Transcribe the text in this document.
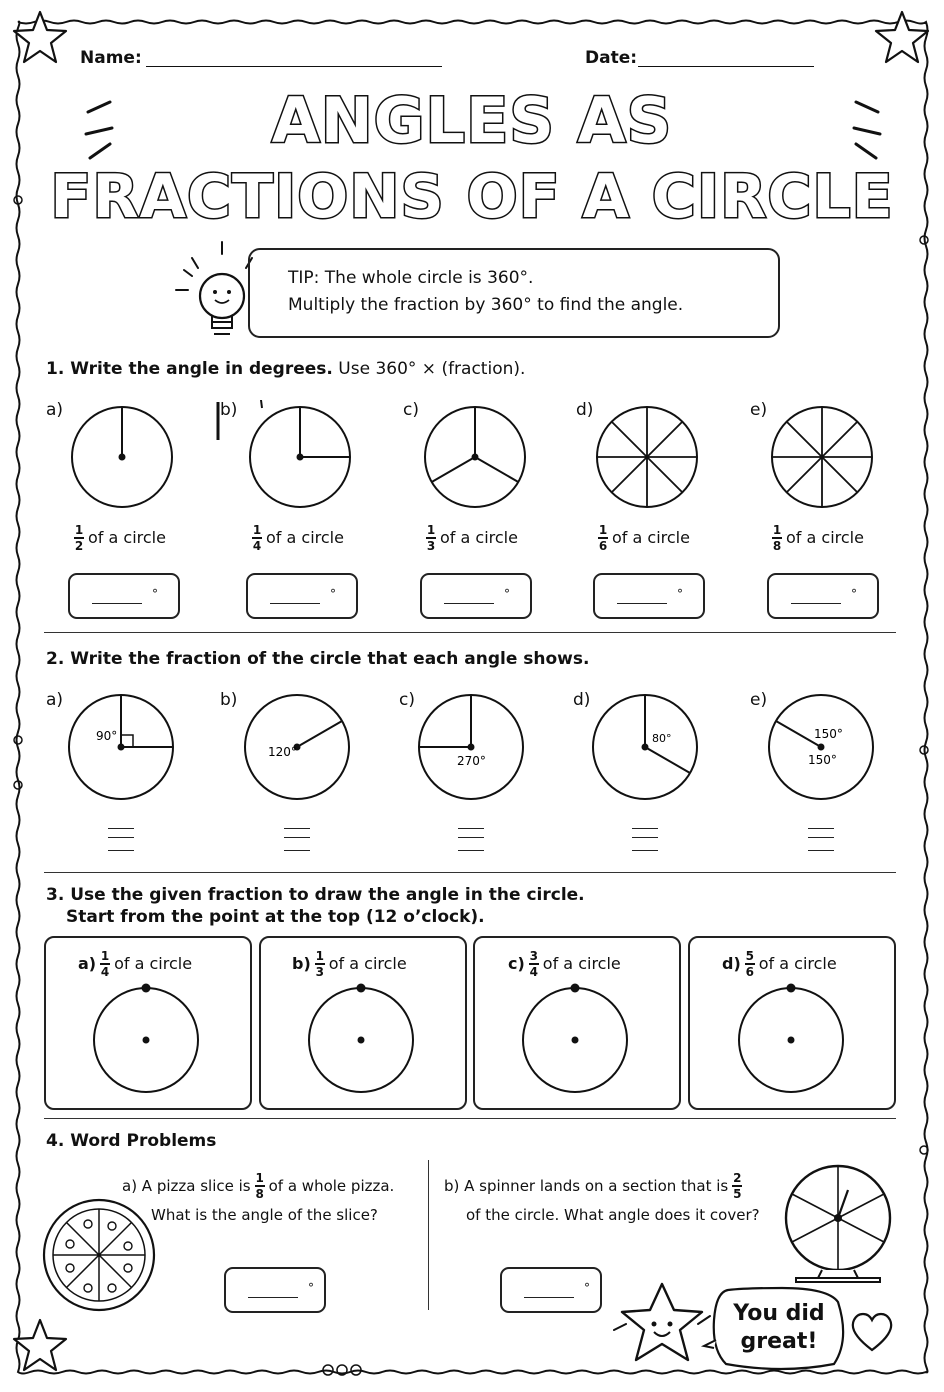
Name:	Date:
ANGLES AS
FRACTIONS OF A CIRCLE
TIP: The whole circle is 360°.
Multiply the fraction by 360° to find the angle.
1. Write the angle in degrees. Use 360° × (fraction).
a)	b)	c)	d)	e)
$\frac{1}{2}$ of a circle	$\frac{1}{4}$ of a circle	$\frac{1}{3}$ of a circle	$\frac{1}{6}$ of a circle	$\frac{1}{8}$ of a circle
°	°	°	°	°
2. Write the fraction of the circle that each angle shows.
a)	b)	c)	d)	e)
90°
120°
270°
80°	150°
150°
3. Use the given fraction to draw the angle in the circle.
Start from the point at the top (12 o’clock).
$a) \frac{1}{4}$ of a circle	$b) \frac{1}{3}$ of a circle	$c) \frac{3}{4}$ of a circle	$d) \frac{5}{6}$ of a circle
4. Word Problems
a) A pizza slice is $\frac{1}{8}$ of a whole pizza.
What is the angle of the slice?
b) A spinner lands on a section that is $\frac{2}{5}$
of the circle. What angle does it cover?
°	°
You did
great!
